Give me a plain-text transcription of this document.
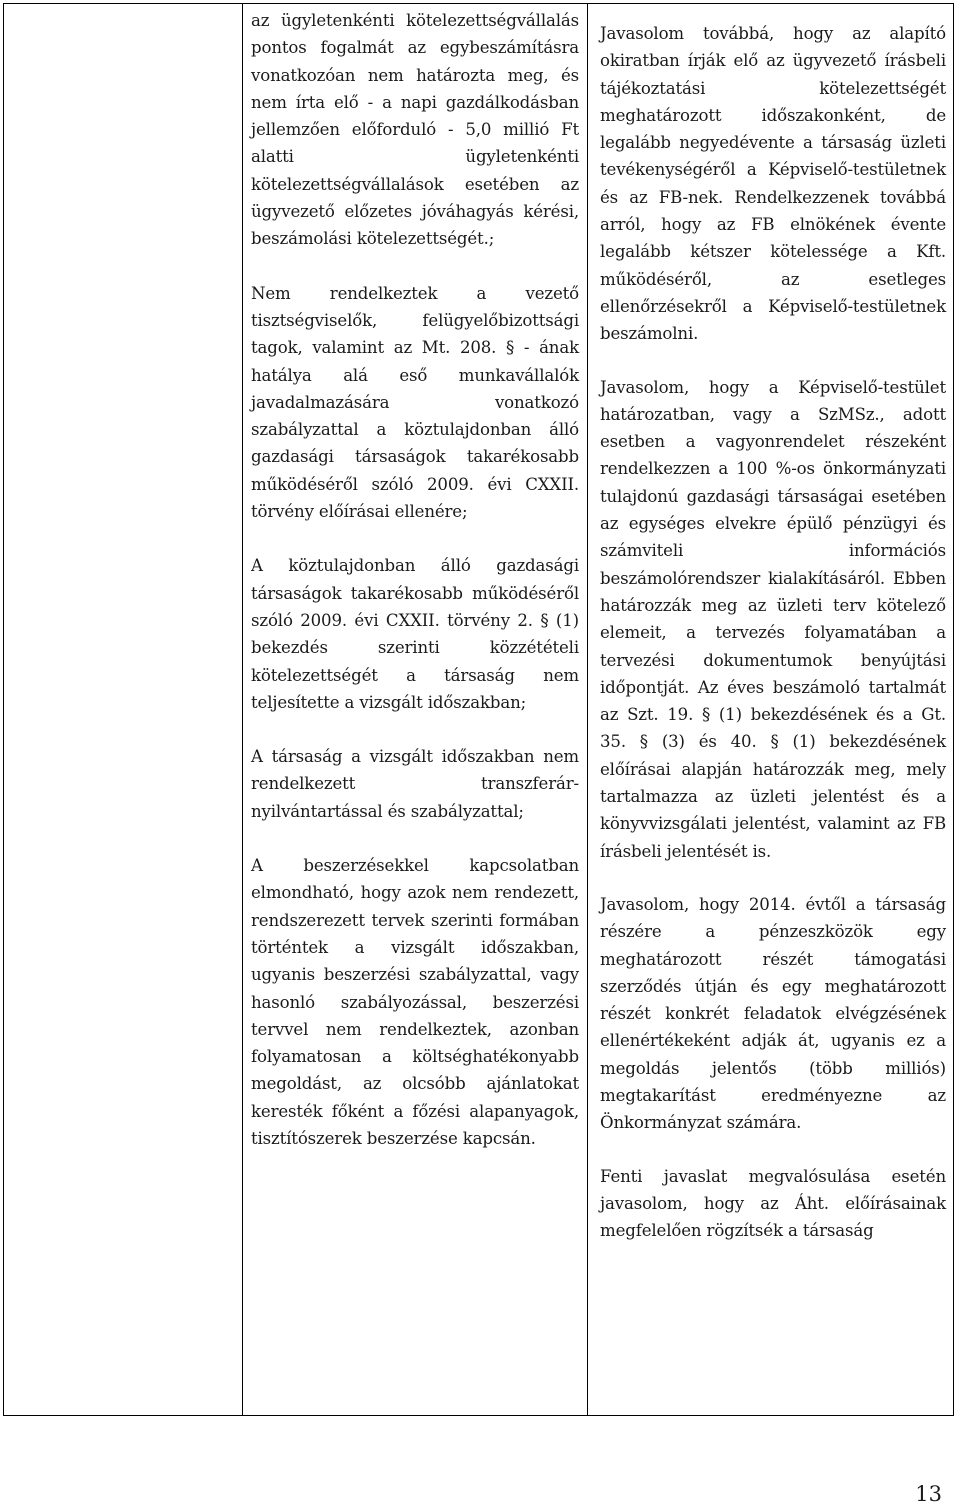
az ügyletenkénti kötelezettségvállalás pontos fogalmát az egybeszámításra vonatkozóan nem határozta meg, és nem írta elő - a napi gazdálkodásban jellemzően előforduló - 5,0 millió Ft alatti ügyletenkénti kötelezettségvállalások esetében az ügyvezető előzetes jóváhagyás kérési, beszámolási kötelezettségét.;

Nem rendelkeztek a vezető tisztségviselők, felügyelőbizottsági tagok, valamint az Mt. 208. § - ának hatálya alá eső munkavállalók javadalmazására vonatkozó szabályzattal a köztulajdonban álló gazdasági társaságok takarékosabb működéséről szóló 2009. évi CXXII. törvény előírásai ellenére;

A köztulajdonban álló gazdasági társaságok takarékosabb működéséről szóló 2009. évi CXXII. törvény 2. § (1) bekezdés szerinti közzétételi kötelezettségét a társaság nem teljesítette a vizsgált időszakban;

A társaság a vizsgált időszakban nem rendelkezett transzferár-nyilvántartással és szabályzattal;

A beszerzésekkel kapcsolatban elmondható, hogy azok nem rendezett, rendszerezett tervek szerinti formában történtek a vizsgált időszakban, ugyanis beszerzési szabályzattal, vagy hasonló szabályozással, beszerzési tervvel nem rendelkeztek, azonban folyamatosan a költséghatékonyabb megoldást, az olcsóbb ajánlatokat keresték főként a főzési alapanyagok, tisztítószerek beszerzése kapcsán.

Javasolom továbbá, hogy az alapító okiratban írják elő az ügyvezető írásbeli tájékoztatási kötelezettségét meghatározott időszakonként, de legalább negyedévente a társaság üzleti tevékenységéről a Képviselő-testületnek és az FB-nek. Rendelkezzenek továbbá arról, hogy az FB elnökének évente legalább kétszer kötelessége a Kft. működéséről, az esetleges ellenőrzésekről a Képviselő-testületnek beszámolni.

Javasolom, hogy a Képviselő-testület határozatban, vagy a SzMSz., adott esetben a vagyonrendelet részeként rendelkezzen a 100 %-os önkormányzati tulajdonú gazdasági társaságai esetében az egységes elvekre épülő pénzügyi és számviteli információs beszámolórendszer kialakításáról. Ebben határozzák meg az üzleti terv kötelező elemeit, a tervezés folyamatában a tervezési dokumentumok benyújtási időpontját. Az éves beszámoló tartalmát az Szt. 19. § (1) bekezdésének és a Gt. 35. § (3) és 40. § (1) bekezdésének előírásai alapján határozzák meg, mely tartalmazza az üzleti jelentést és a könyvvizsgálati jelentést, valamint az FB írásbeli jelentését is.

Javasolom, hogy 2014. évtől a társaság részére a pénzeszközök egy meghatározott részét támogatási szerződés útján és egy meghatározott részét konkrét feladatok elvégzésének ellenértékeként adják át, ugyanis ez a megoldás jelentős (több milliós) megtakarítást eredményezne az Önkormányzat számára.

Fenti javaslat megvalósulása esetén javasolom, hogy az Áht. előírásainak megfelelően rögzítsék a társaság

13
